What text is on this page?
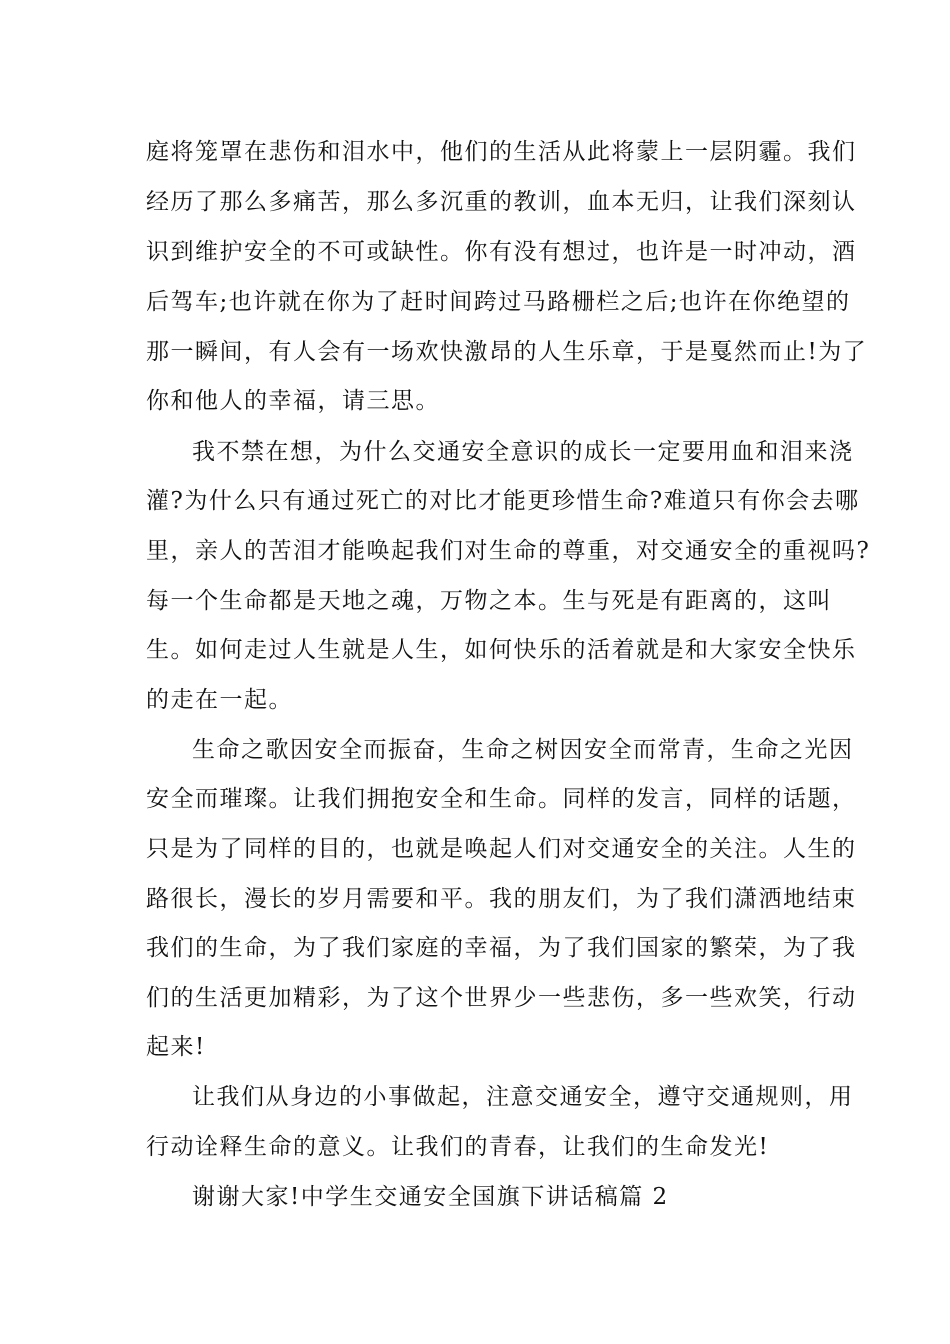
庭将笼罩在悲伤和泪水中，他们的生活从此将蒙上一层阴霾。我们
经历了那么多痛苦，那么多沉重的教训，血本无归，让我们深刻认
识到维护安全的不可或缺性。你有没有想过，也许是一时冲动，酒
后驾车;也许就在你为了赶时间跨过马路栅栏之后;也许在你绝望的
那一瞬间，有人会有一场欢快激昂的人生乐章，于是戛然而止!为了
你和他人的幸福，请三思。
我不禁在想，为什么交通安全意识的成长一定要用血和泪来浇
灌?为什么只有通过死亡的对比才能更珍惜生命?难道只有你会去哪
里，亲人的苦泪才能唤起我们对生命的尊重，对交通安全的重视吗?
每一个生命都是天地之魂，万物之本。生与死是有距离的，这叫
生。如何走过人生就是人生，如何快乐的活着就是和大家安全快乐
的走在一起。
生命之歌因安全而振奋，生命之树因安全而常青，生命之光因
安全而璀璨。让我们拥抱安全和生命。同样的发言，同样的话题，
只是为了同样的目的，也就是唤起人们对交通安全的关注。人生的
路很长，漫长的岁月需要和平。我的朋友们，为了我们潇洒地结束
我们的生命，为了我们家庭的幸福，为了我们国家的繁荣，为了我
们的生活更加精彩，为了这个世界少一些悲伤，多一些欢笑，行动
起来!
让我们从身边的小事做起，注意交通安全，遵守交通规则，用
行动诠释生命的意义。让我们的青春，让我们的生命发光!
谢谢大家!中学生交通安全国旗下讲话稿篇 2
